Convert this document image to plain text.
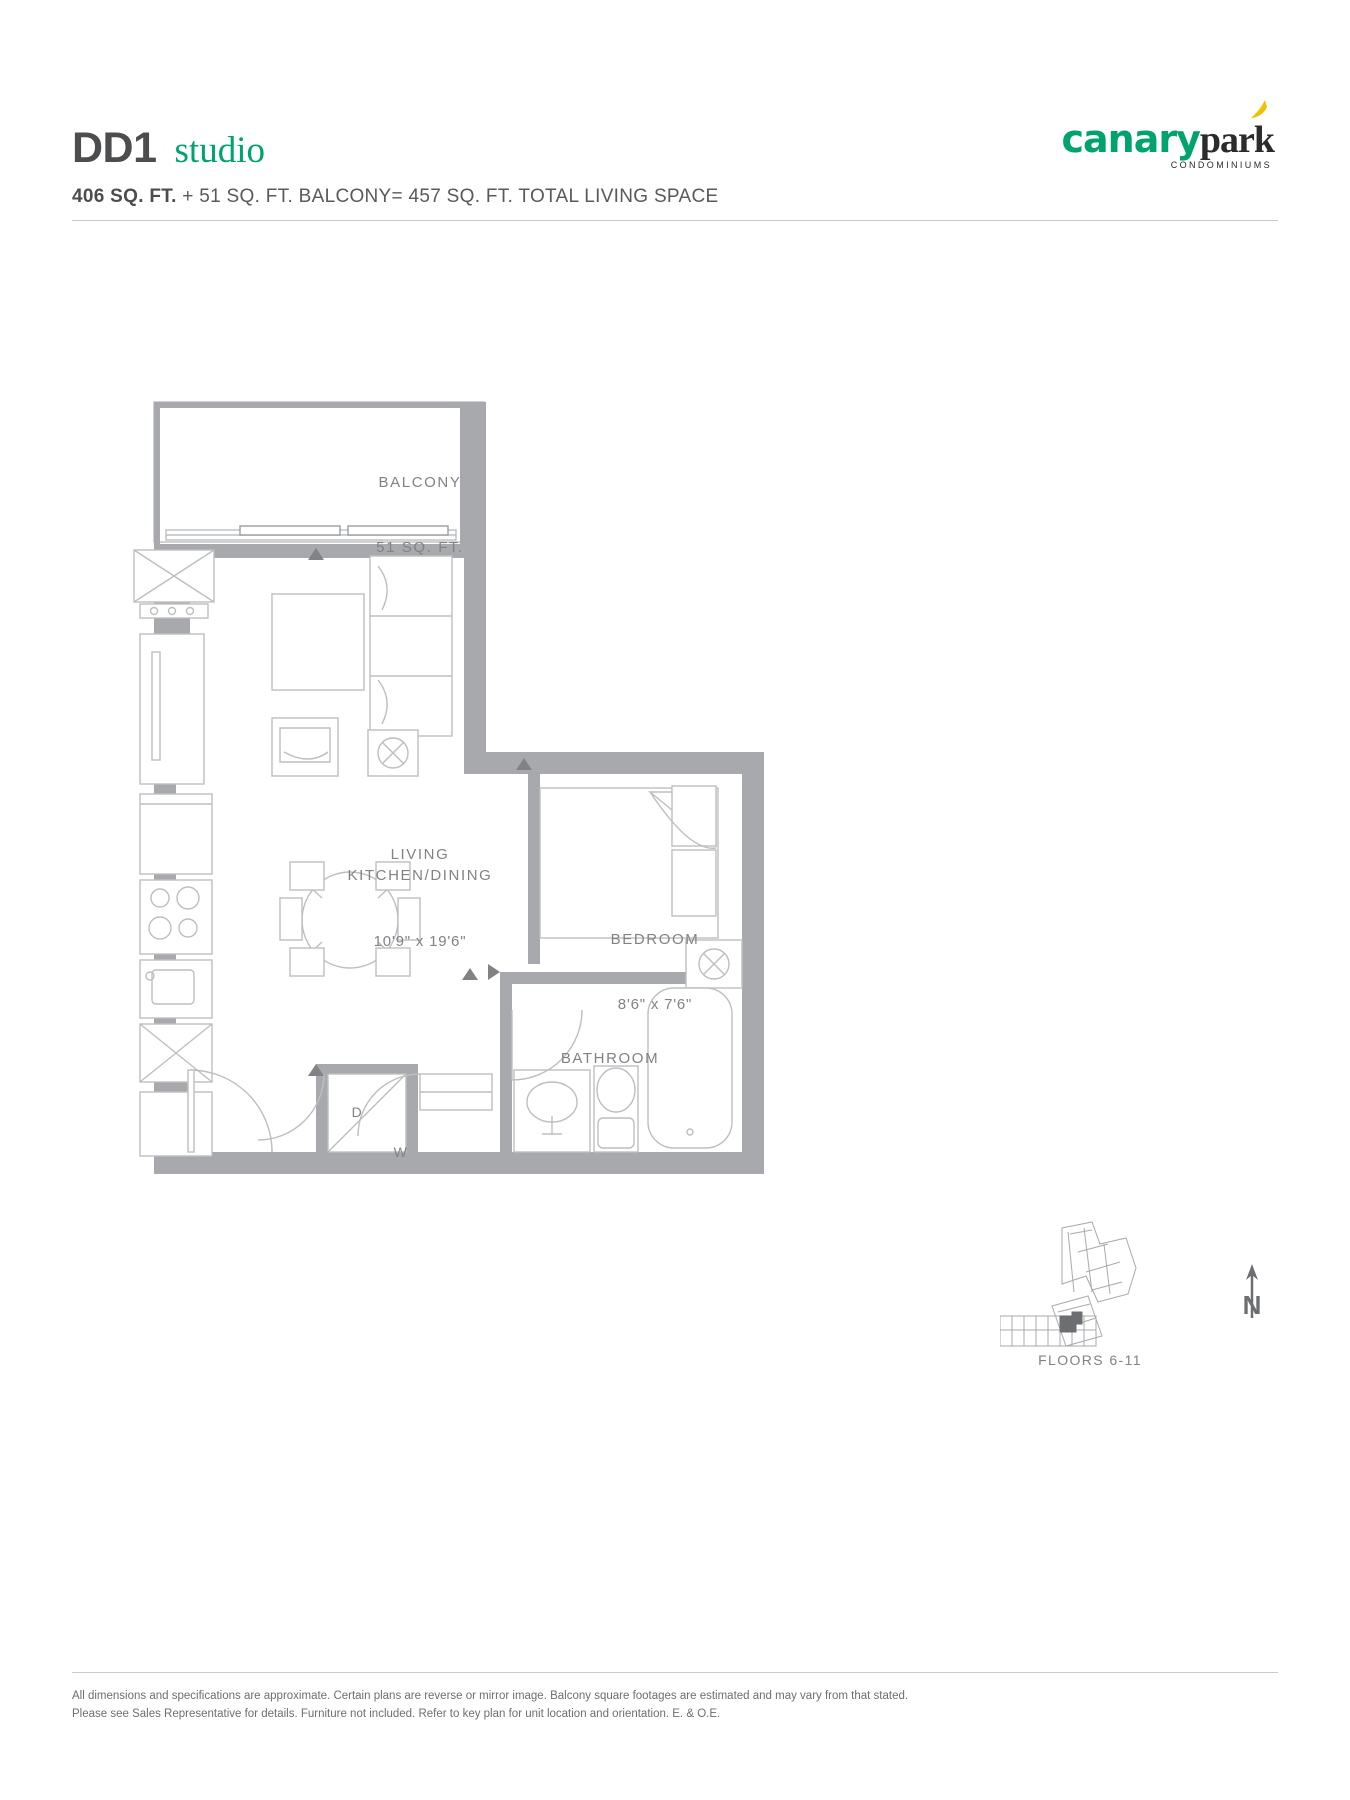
DD1 studio	canarypark
CONDOMINIUMS
406 SQ. FT. + 51 SQ. FT. BALCONY= 457 SQ. FT. TOTAL LIVING SPACE

BALCONY

51 SQ. FT.

LIVING
KITCHEN/DINING

10'9" x 19'6"

	BEDROOM

8'6" x 7'6"

BATHROOM

D

W

FLOORS 6-11
N
All dimensions and specifications are approximate. Certain plans are reverse or mirror image. Balcony square footages are estimated and may vary from that stated.
Please see Sales Representative for details. Furniture not included. Refer to key plan for unit location and orientation. E. & O.E.
